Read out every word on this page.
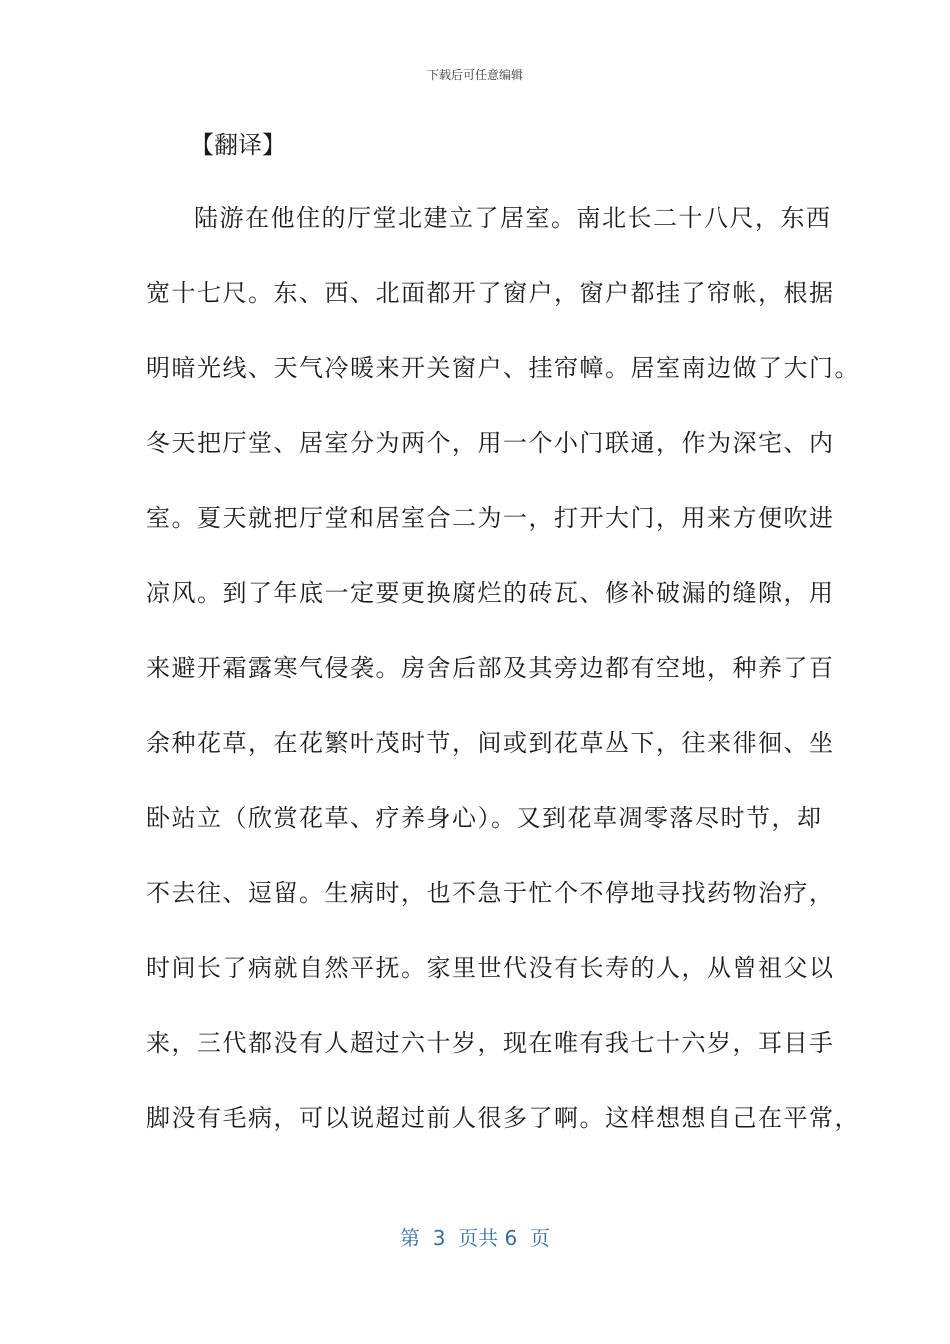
下载后可任意编辑
【翻译】
陆游在他住的厅堂北建立了居室。南北长二十八尺，东西
宽十七尺。东、西、北面都开了窗户，窗户都挂了帘帐，根据
明暗光线、天气冷暖来开关窗户、挂帘幛。居室南边做了大门。
冬天把厅堂、居室分为两个，用一个小门联通，作为深宅、内
室。夏天就把厅堂和居室合二为一，打开大门，用来方便吹进
凉风。到了年底一定要更换腐烂的砖瓦、修补破漏的缝隙，用
来避开霜露寒气侵袭。房舍后部及其旁边都有空地，种养了百
余种花草，在花繁叶茂时节，间或到花草丛下，往来徘徊、坐
卧站立（欣赏花草、疗养身心）。又到花草凋零落尽时节，却
不去往、逗留。生病时，也不急于忙个不停地寻找药物治疗，
时间长了病就自然平抚。家里世代没有长寿的人，从曾祖父以
来，三代都没有人超过六十岁，现在唯有我七十六岁，耳目手
脚没有毛病，可以说超过前人很多了啊。这样想想自己在平常，
第  3  页共 6  页
